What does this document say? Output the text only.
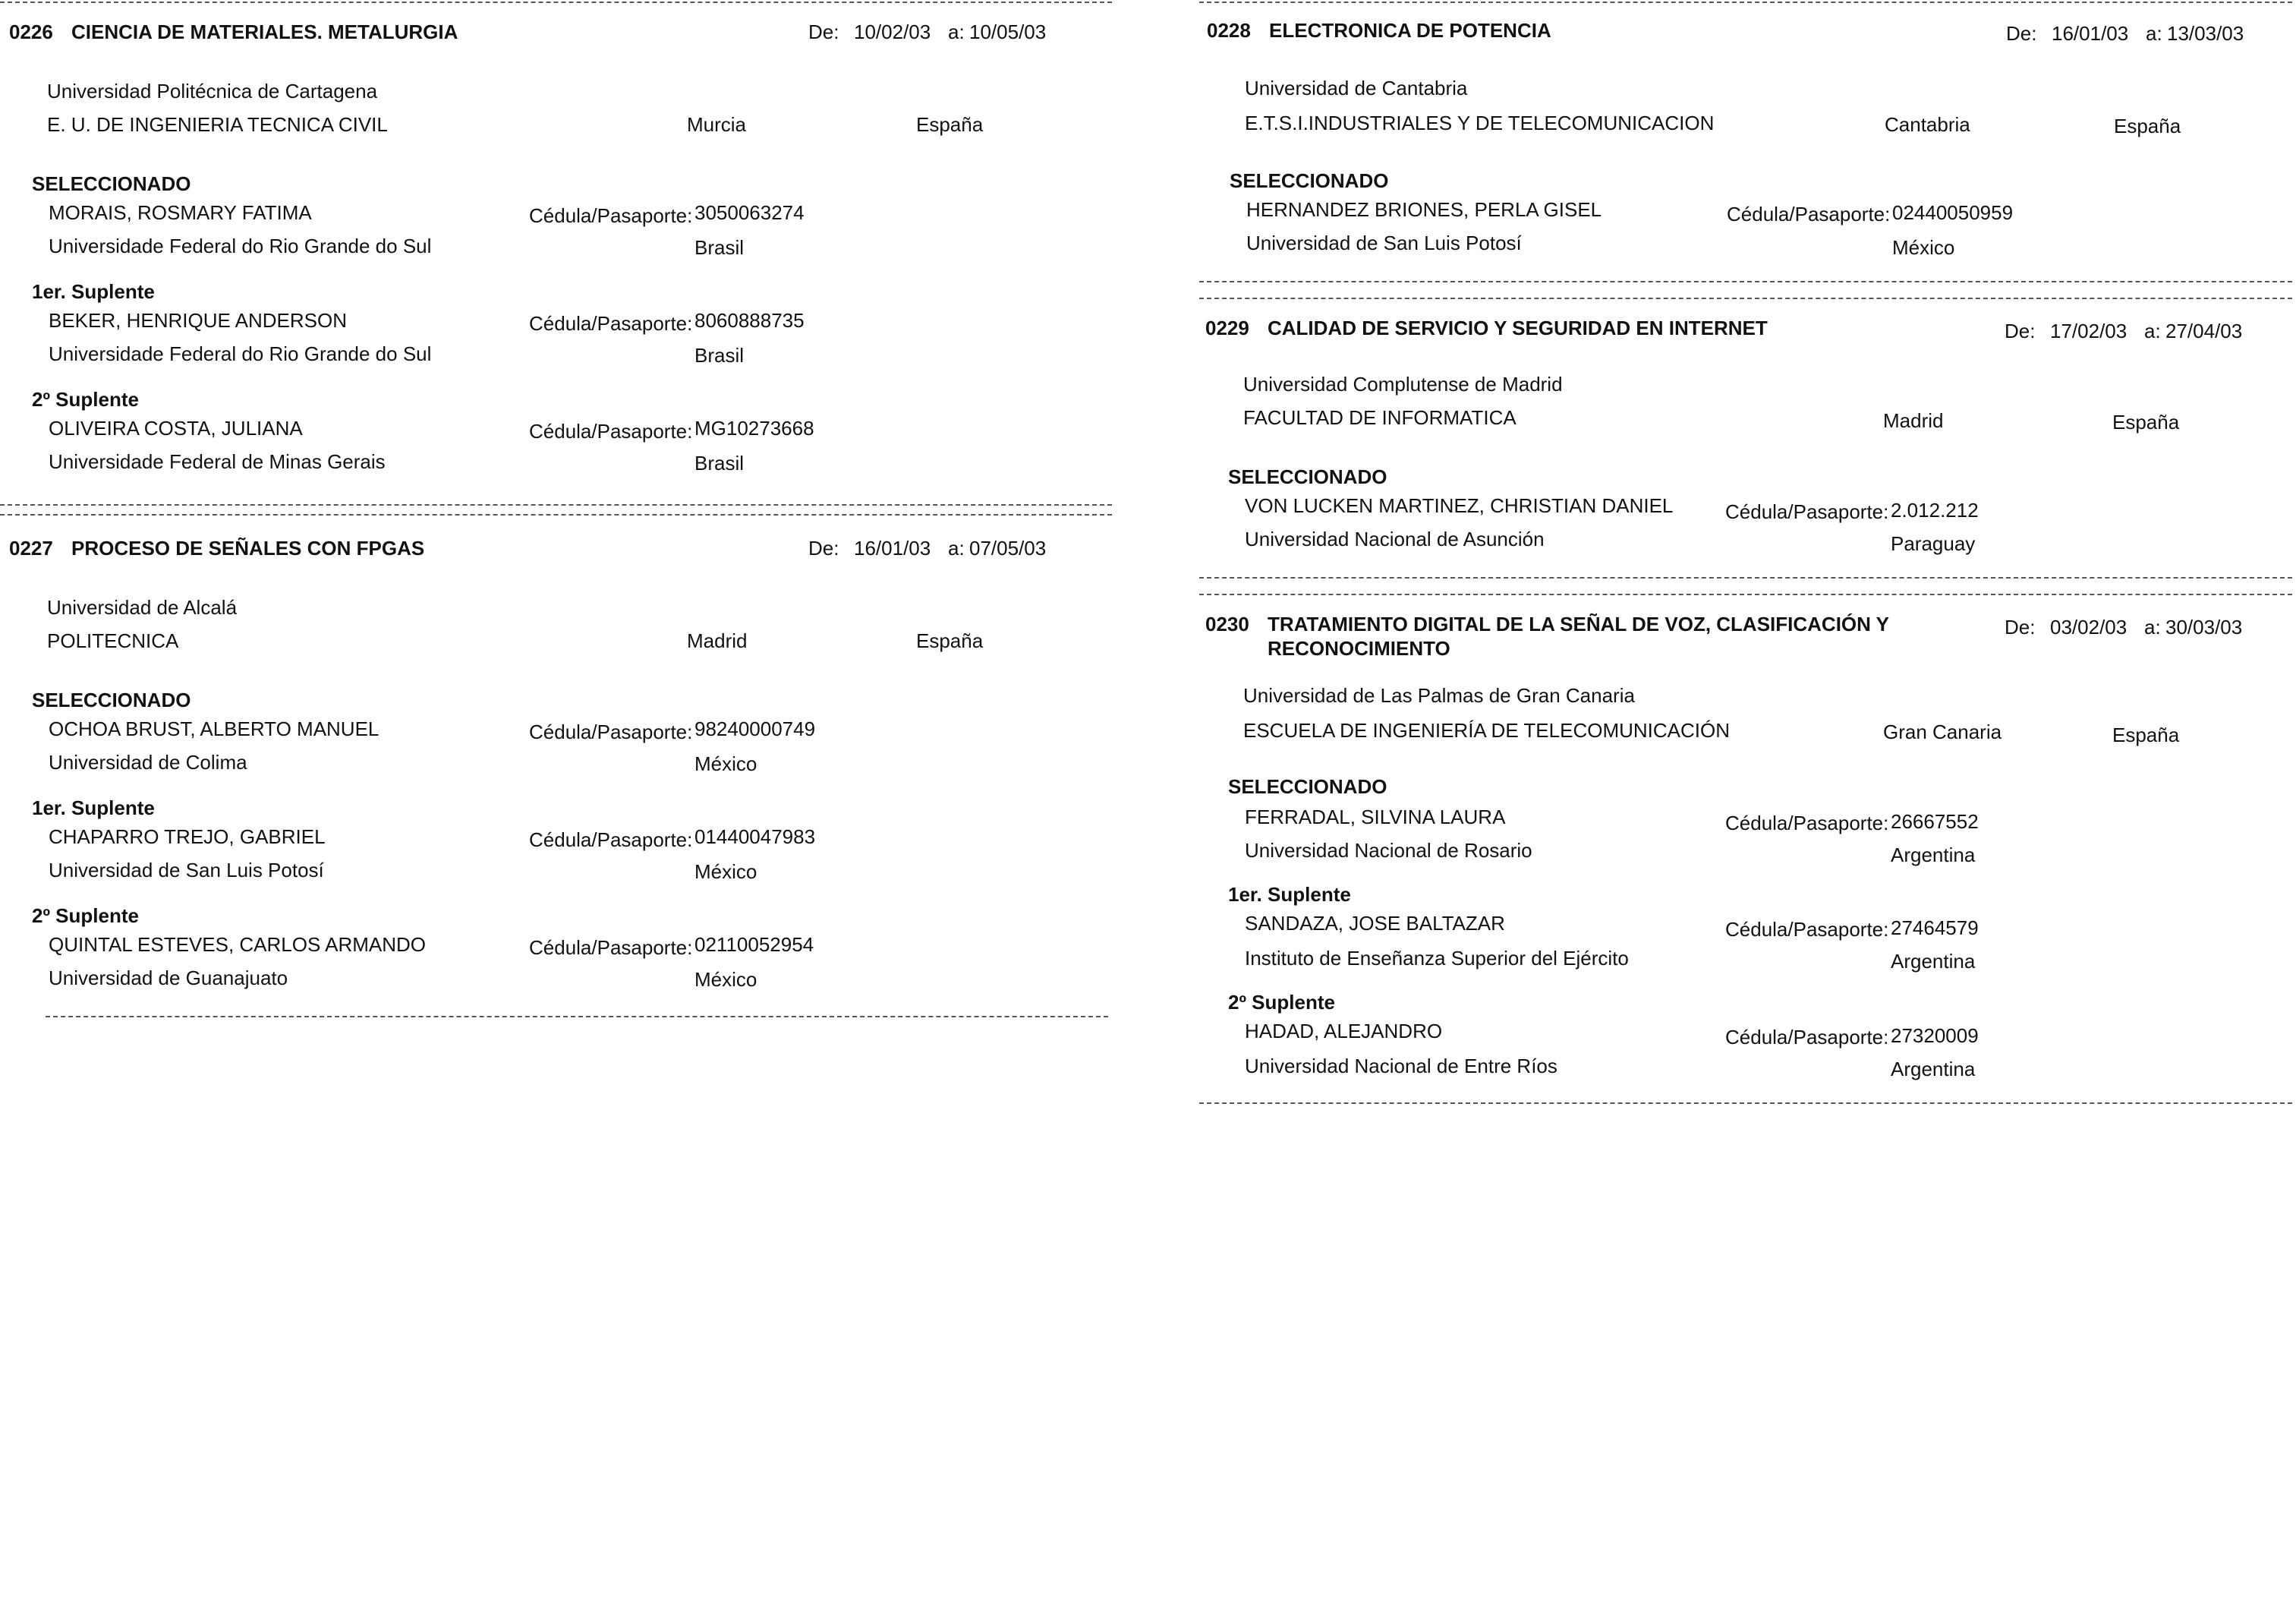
0226 CIENCIA DE MATERIALES. METALURGIA	De: 10/02/03 a: 10/05/03
Universidad Politécnica de Cartagena
E. U. DE INGENIERIA TECNICA CIVIL	Murcia	España
SELECCIONADO
MORAIS, ROSMARY FATIMA	Cédula/Pasaporte: 3050063274
Universidade Federal do Rio Grande do Sul	Brasil
1er. Suplente
BEKER, HENRIQUE ANDERSON	Cédula/Pasaporte: 8060888735
Universidade Federal do Rio Grande do Sul	Brasil
2º Suplente
OLIVEIRA COSTA, JULIANA	Cédula/Pasaporte: MG10273668
Universidade Federal de Minas Gerais	Brasil
0227 PROCESO DE SEÑALES CON FPGAS	De: 16/01/03 a: 07/05/03
Universidad de Alcalá
POLITECNICA	Madrid	España
SELECCIONADO
OCHOA BRUST, ALBERTO MANUEL	Cédula/Pasaporte: 98240000749
Universidad de Colima	México
1er. Suplente
CHAPARRO TREJO, GABRIEL	Cédula/Pasaporte: 01440047983
Universidad de San Luis Potosí	México
2º Suplente
QUINTAL ESTEVES, CARLOS ARMANDO	Cédula/Pasaporte: 02110052954
Universidad de Guanajuato	México
0228 ELECTRONICA DE POTENCIA	De: 16/01/03 a: 13/03/03
Universidad de Cantabria
E.T.S.I.INDUSTRIALES Y DE TELECOMUNICACION	Cantabria	España
SELECCIONADO
HERNANDEZ BRIONES, PERLA GISEL	Cédula/Pasaporte: 02440050959
Universidad de San Luis Potosí	México
0229 CALIDAD DE SERVICIO Y SEGURIDAD EN INTERNET	De: 17/02/03 a: 27/04/03
Universidad Complutense de Madrid
FACULTAD DE INFORMATICA	Madrid	España
SELECCIONADO
VON LUCKEN MARTINEZ, CHRISTIAN DANIEL	Cédula/Pasaporte: 2.012.212
Universidad Nacional de Asunción	Paraguay
0230 TRATAMIENTO DIGITAL DE LA SEÑAL DE VOZ, CLASIFICACIÓN Y RECONOCIMIENTO
De: 03/02/03 a: 30/03/03
Universidad de Las Palmas de Gran Canaria
ESCUELA DE INGENIERÍA DE TELECOMUNICACIÓN	Gran Canaria	España
SELECCIONADO
FERRADAL, SILVINA LAURA	Cédula/Pasaporte: 26667552
Universidad Nacional de Rosario	Argentina
1er. Suplente
SANDAZA, JOSE BALTAZAR	Cédula/Pasaporte: 27464579
Instituto de Enseñanza Superior del Ejército	Argentina
2º Suplente
HADAD, ALEJANDRO	Cédula/Pasaporte: 27320009
Universidad Nacional de Entre Ríos	Argentina
